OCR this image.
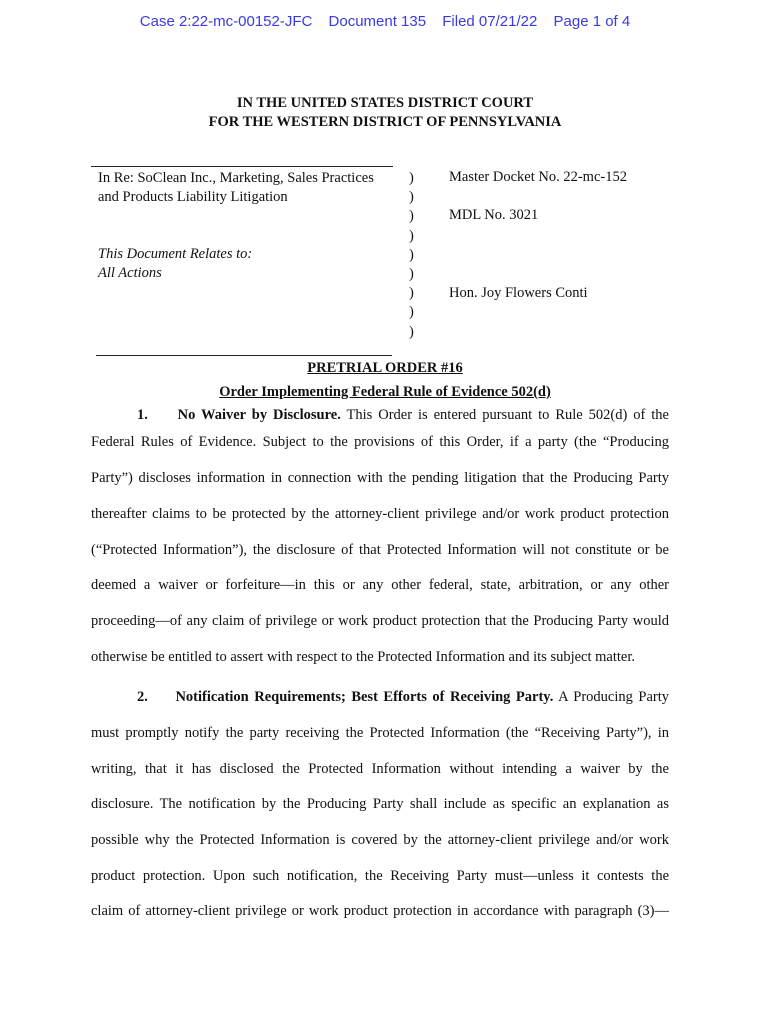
Case 2:22-mc-00152-JFC Document 135 Filed 07/21/22 Page 1 of 4
IN THE UNITED STATES DISTRICT COURT
FOR THE WESTERN DISTRICT OF PENNSYLVANIA
In Re: SoClean Inc., Marketing, Sales Practices
and Products Liability Litigation
This Document Relates to:
All Actions
)
)
)
)
)
)
)
)
)
Master Docket No. 22-mc-152
MDL No. 3021
Hon. Joy Flowers Conti
PRETRIAL ORDER #16
Order Implementing Federal Rule of Evidence 502(d)
1. No Waiver by Disclosure. This Order is entered pursuant to Rule 502(d) of the
Federal Rules of Evidence. Subject to the provisions of this Order, if a party (the “Producing
Party”) discloses information in connection with the pending litigation that the Producing Party
thereafter claims to be protected by the attorney-client privilege and/or work product protection
(“Protected Information”), the disclosure of that Protected Information will not constitute or be
deemed a waiver or forfeiture—in this or any other federal, state, arbitration, or any other
proceeding—of any claim of privilege or work product protection that the Producing Party would
otherwise be entitled to assert with respect to the Protected Information and its subject matter.
2. Notification Requirements; Best Efforts of Receiving Party. A Producing Party
must promptly notify the party receiving the Protected Information (the “Receiving Party”), in
writing, that it has disclosed the Protected Information without intending a waiver by the
disclosure. The notification by the Producing Party shall include as specific an explanation as
possible why the Protected Information is covered by the attorney-client privilege and/or work
product protection. Upon such notification, the Receiving Party must—unless it contests the
claim of attorney-client privilege or work product protection in accordance with paragraph (3)—
